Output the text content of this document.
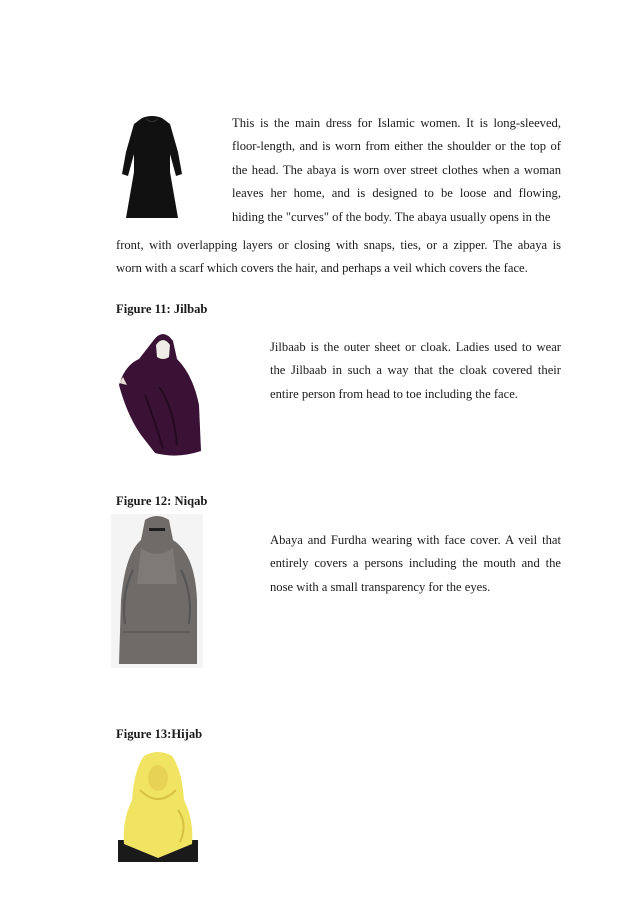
This is the main dress for Islamic women. It is long-sleeved,
floor-length, and is worn from either the shoulder or the top of
the head. The abaya is worn over street clothes when a woman
leaves her home, and is designed to be loose and flowing,
hiding the "curves" of the body. The abaya usually opens in the

front, with overlapping layers or closing with snaps, ties, or a zipper. The abaya is
worn with a scarf which covers the hair, and perhaps a veil which covers the face.

Figure 11: Jilbab

Jilbaab is the outer sheet or cloak. Ladies used to wear
the Jilbaab in such a way that the cloak covered their
entire person from head to toe including the face.

Figure 12: Niqab

Abaya and Furdha wearing with face cover. A veil that
entirely covers a persons including the mouth and the
nose with a small transparency for the eyes.

Figure 13:Hijab
